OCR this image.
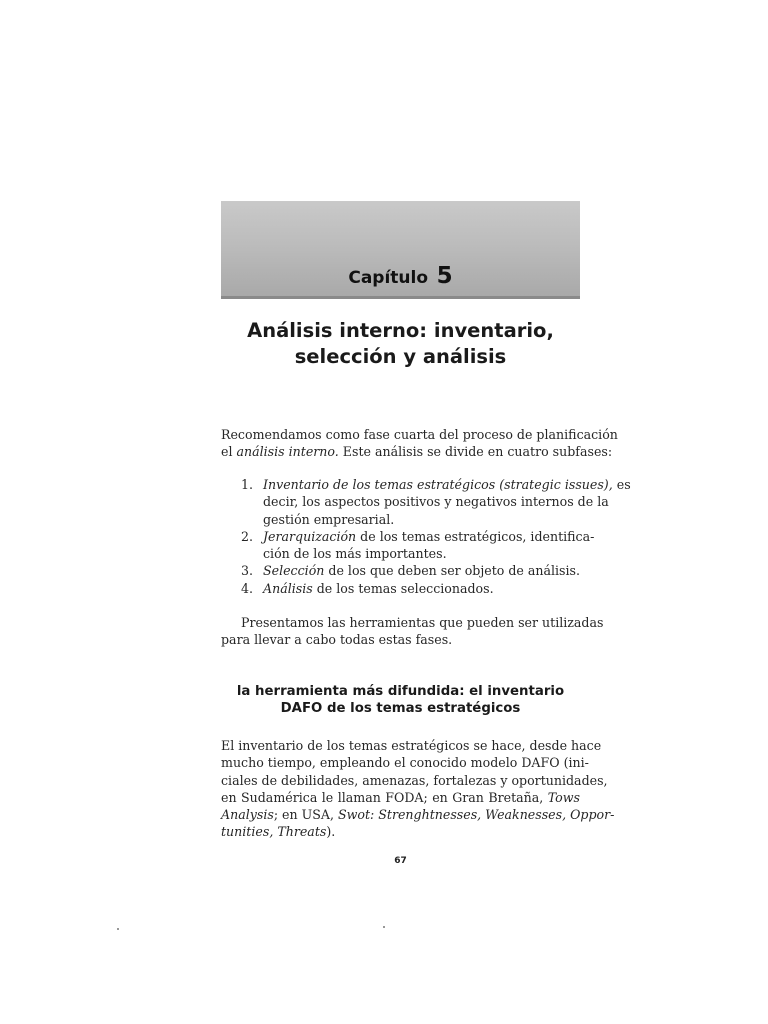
Capítulo 5
Análisis interno: inventario,
selección y análisis
Recomendamos como fase cuarta del proceso de planificación
el análisis interno. Este análisis se divide en cuatro subfases:
1. Inventario de los temas estratégicos (strategic issues), es
decir, los aspectos positivos y negativos internos de la
gestión empresarial.
2. Jerarquización de los temas estratégicos, identifica-
ción de los más importantes.
3. Selección de los que deben ser objeto de análisis.
4. Análisis de los temas seleccionados.
Presentamos las herramientas que pueden ser utilizadas
para llevar a cabo todas estas fases.
la herramienta más difundida: el inventario
DAFO de los temas estratégicos
El inventario de los temas estratégicos se hace, desde hace
mucho tiempo, empleando el conocido modelo DAFO (ini-
ciales de debilidades, amenazas, fortalezas y oportunidades,
en Sudamérica le llaman FODA; en Gran Bretaña, Tows
Analysis; en USA, Swot: Strenghtnesses, Weaknesses, Oppor-
tunities, Threats).
67
